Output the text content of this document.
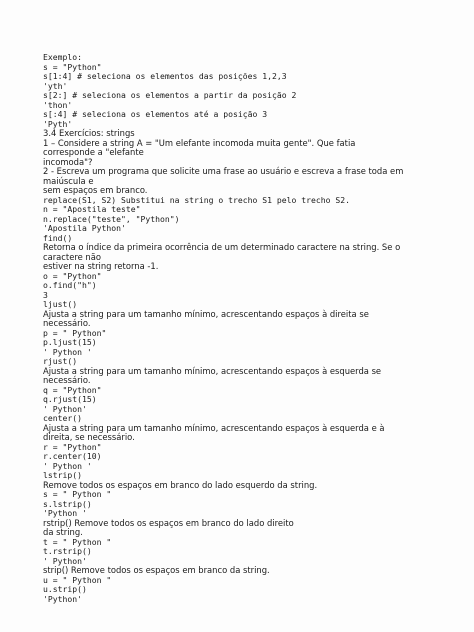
Exemplo:
s = "Python"
s[1:4] # seleciona os elementos das posições 1,2,3
'yth'
s[2:] # seleciona os elementos a partir da posição 2
'thon'
s[:4] # seleciona os elementos até a posição 3
'Pyth'
3.4 Exercícios: strings
1 – Considere a string A = "Um elefante incomoda muita gente". Que fatia
corresponde a "elefante
incomoda"?
2 - Escreva um programa que solicite uma frase ao usuário e escreva a frase toda em
maiúscula e
sem espaços em branco.
replace(S1, S2) Substitui na string o trecho S1 pelo trecho S2.
n = "Apostila teste"
n.replace("teste", "Python")
'Apostila Python'
find()
Retorna o índice da primeira ocorrência de um determinado caractere na string. Se o
caractere não
estiver na string retorna -1.
o = "Python"
o.find("h")
3
ljust()
Ajusta a string para um tamanho mínimo, acrescentando espaços à direita se
necessário.
p = " Python"
p.ljust(15)
' Python '
rjust()
Ajusta a string para um tamanho mínimo, acrescentando espaços à esquerda se
necessário.
q = "Python"
q.rjust(15)
' Python'
center()
Ajusta a string para um tamanho mínimo, acrescentando espaços à esquerda e à
direita, se necessário.
r = "Python"
r.center(10)
' Python '
lstrip()
Remove todos os espaços em branco do lado esquerdo da string.
s = " Python "
s.lstrip()
'Python '
rstrip() Remove todos os espaços em branco do lado direito
da string.
t = " Python "
t.rstrip()
' Python'
strip() Remove todos os espaços em branco da string.
u = " Python "
u.strip()
'Python'
